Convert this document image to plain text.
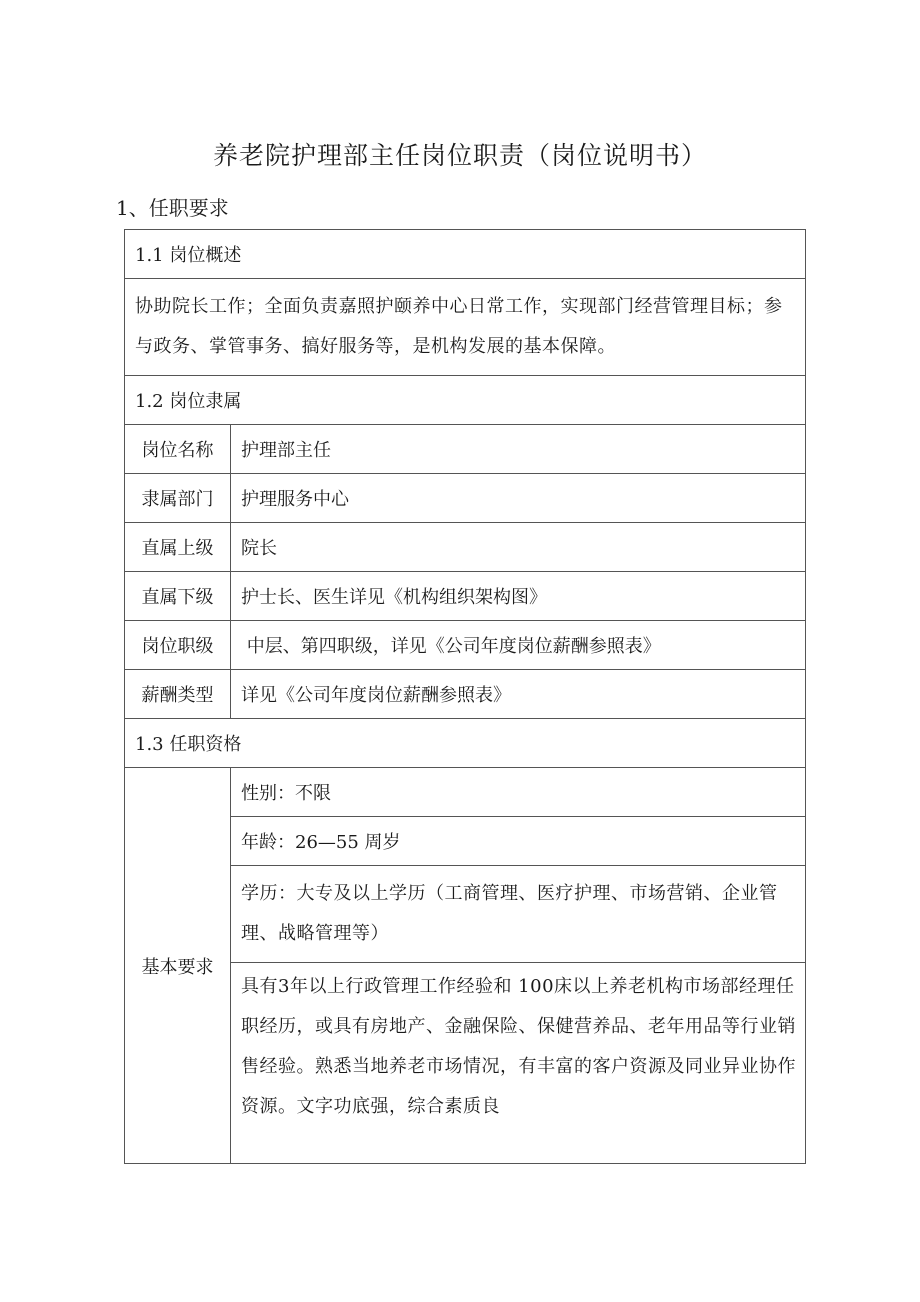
养老院护理部主任岗位职责（岗位说明书）
1、任职要求
1.1 岗位概述	
协助院长工作；全面负责嘉照护颐养中心日常工作，实现部门经营管理目标；参与政务、掌管事务、搞好服务等，是机构发展的基本保障。	
1.2 岗位隶属	
岗位名称	护理部主任
隶属部门	护理服务中心
直属上级	院长
直属下级	护士长、医生详见《机构组织架构图》
岗位职级	中层、第四职级，详见《公司年度岗位薪酬参照表》
薪酬类型	详见《公司年度岗位薪酬参照表》
1.3 任职资格	
基本要求	性别：不限
	年龄：26—55 周岁
	学历：大专及以上学历（工商管理、医疗护理、市场营销、企业管理、战略管理等）
	具有3年以上行政管理工作经验和 100床以上养老机构市场部经理任职经历，或具有房地产、金融保险、保健营养品、老年用品等行业销售经验。熟悉当地养老市场情况，有丰富的客户资源及同业异业协作资源。文字功底强，综合素质良
